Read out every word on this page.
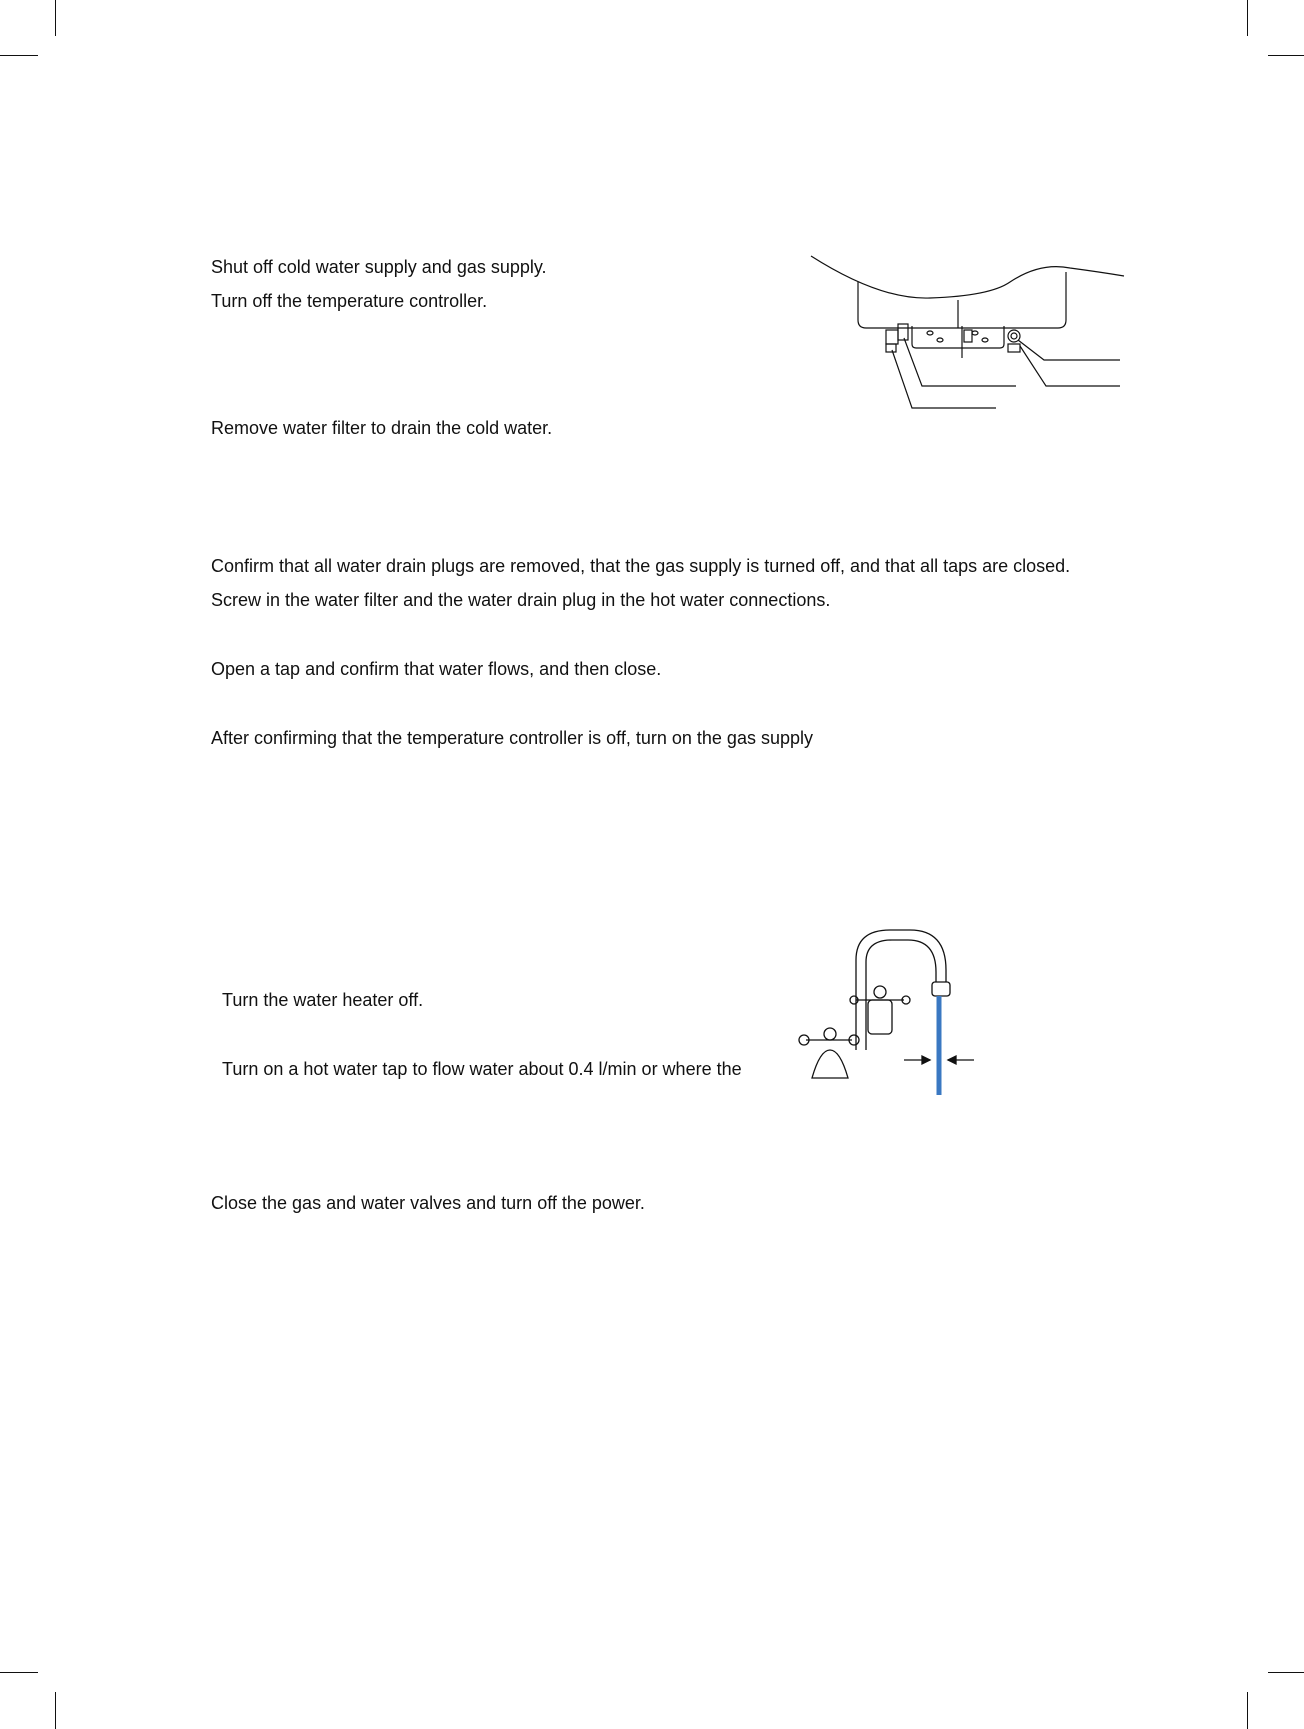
Shut off cold water supply and gas supply.
Turn off the temperature controller.
Remove water filter to drain the cold water.
Confirm that all water drain plugs are removed, that the gas supply is turned off, and that all taps are closed.
Screw in the water filter and the water drain plug in the hot water connections.
Open a tap and confirm that water flows, and then close.
After confirming that the temperature controller is off, turn on the gas supply
Turn the water heater off.
Turn on a hot water tap to flow water about 0.4 l/min or where the
Close the gas and water valves and turn off the power.
